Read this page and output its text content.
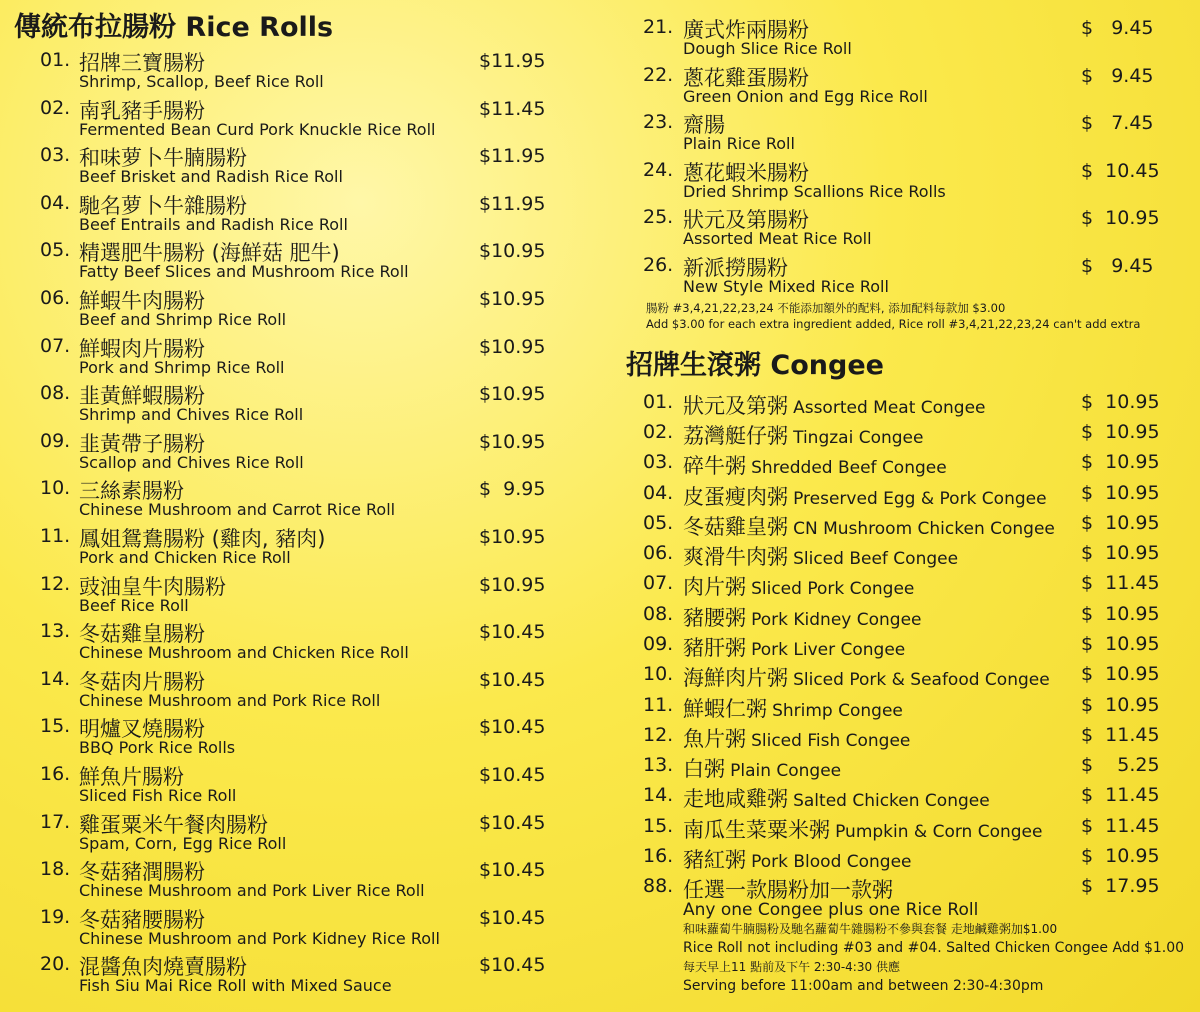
傳統布拉腸粉 Rice Rolls
01. 招牌三寶腸粉
Shrimp, Scallop, Beef Rice Roll
$11.95
02. 南乳豬手腸粉
Fermented Bean Curd Pork Knuckle Rice Roll
$11.45
03. 和味萝卜牛腩腸粉
Beef Brisket and Radish Rice Roll
$11.95
04. 馳名萝卜牛雜腸粉
Beef Entrails and Radish Rice Roll
$11.95
05. 精選肥牛腸粉 (海鮮菇 肥牛)
Fatty Beef Slices and Mushroom Rice Roll
$10.95
06. 鮮蝦牛肉腸粉
Beef and Shrimp Rice Roll
$10.95
07. 鮮蝦肉片腸粉
Pork and Shrimp Rice Roll
$10.95
08. 韭黃鮮蝦腸粉
Shrimp and Chives Rice Roll
$10.95
09. 韭黃帶子腸粉
Scallop and Chives Rice Roll
$10.95
10. 三絲素腸粉
Chinese Mushroom and Carrot Rice Roll
$  9.95
11. 鳳姐鴛鴦腸粉 (雞肉, 豬肉)
Pork and Chicken Rice Roll
$10.95
12. 豉油皇牛肉腸粉
Beef Rice Roll
$10.95
13. 冬菇雞皇腸粉
Chinese Mushroom and Chicken Rice Roll
$10.45
14. 冬菇肉片腸粉
Chinese Mushroom and Pork Rice Roll
$10.45
15. 明爐叉燒腸粉
BBQ Pork Rice Rolls
$10.45
16. 鮮魚片腸粉
Sliced Fish Rice Roll
$10.45
17. 雞蛋粟米午餐肉腸粉
Spam, Corn, Egg Rice Roll
$10.45
18. 冬菇豬潤腸粉
Chinese Mushroom and Pork Liver Rice Roll
$10.45
19. 冬菇豬腰腸粉
Chinese Mushroom and Pork Kidney Rice Roll
$10.45
20. 混醬魚肉燒賣腸粉
Fish Siu Mai Rice Roll with Mixed Sauce
$10.45
21. 廣式炸兩腸粉
Dough Slice Rice Roll
$   9.45
22. 蔥花雞蛋腸粉
Green Onion and Egg Rice Roll
$   9.45
23. 齋腸
Plain Rice Roll
$   7.45
24. 蔥花蝦米腸粉
Dried Shrimp Scallions Rice Rolls
$  10.45
25. 狀元及第腸粉
Assorted Meat Rice Roll
$  10.95
26. 新派撈腸粉
New Style Mixed Rice Roll
$   9.45
腸粉 #3,4,21,22,23,24 不能添加額外的配料, 添加配料每款加 $3.00
Add $3.00 for each extra ingredient added, Rice roll #3,4,21,22,23,24 can't add extra
招牌生滾粥 Congee
01. 狀元及第粥 Assorted Meat Congee	$  10.95
02. 荔灣艇仔粥 Tingzai Congee	$  10.95
03. 碎牛粥 Shredded Beef Congee	$  10.95
04. 皮蛋瘦肉粥 Preserved Egg & Pork Congee $  10.95
05. 冬菇雞皇粥 CN Mushroom Chicken Congee $  10.95
06. 爽滑牛肉粥 Sliced Beef Congee	$  10.95
07. 肉片粥 Sliced Pork Congee	$  11.45
08. 豬腰粥 Pork Kidney Congee	$  10.95
09. 豬肝粥 Pork Liver Congee	$  10.95
10. 海鮮肉片粥 Sliced Pork & Seafood Congee $  10.95
11. 鮮蝦仁粥 Shrimp Congee	$  10.95
12. 魚片粥 Sliced Fish Congee	$  11.45
13. 白粥 Plain Congee	$    5.25
14. 走地咸雞粥 Salted Chicken Congee	$  11.45
15. 南瓜生菜粟米粥 Pumpkin & Corn Congee $  11.45
16. 豬紅粥 Pork Blood Congee	$  10.95
88. 任選一款腸粉加一款粥	$  17.95
Any one Congee plus one Rice Roll
和味蘿蔔牛腩腸粉及馳名蘿蔔牛雜腸粉不參與套餐 走地鹹雞粥加$1.00
Rice Roll not including #03 and #04. Salted Chicken Congee Add $1.00
每天早上11 點前及下午 2:30-4:30 供應
Serving before 11:00am and between 2:30-4:30pm
